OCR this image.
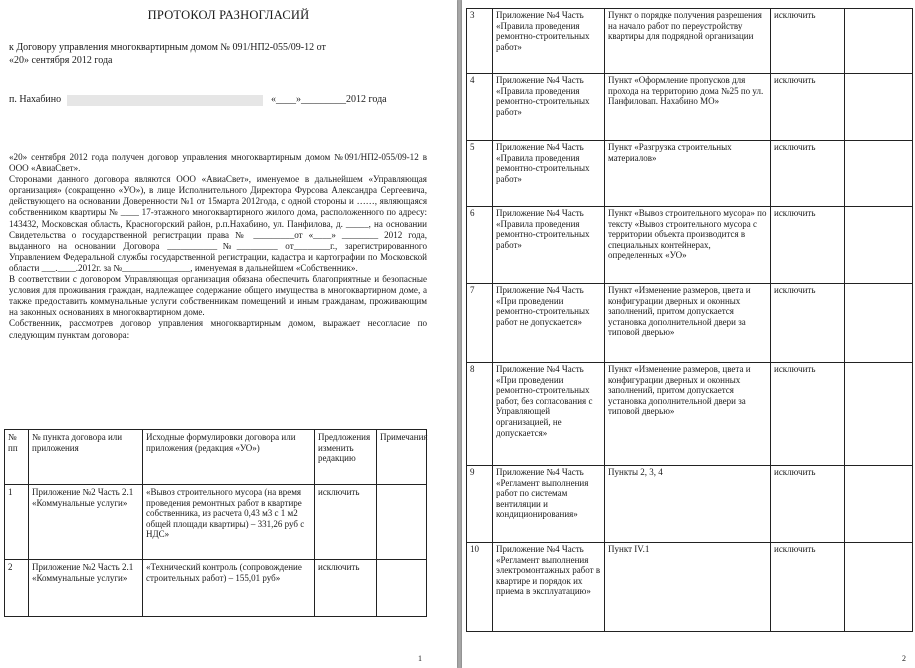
ПРОТОКОЛ РАЗНОГЛАСИЙ
к Договору управления многоквартирным домом № 091/НП2-055/09-12 от
«20» сентября 2012 года
п. Нахабино	«____»_________2012 года

«20» сентября 2012 года получен договор управления многоквартирным домом №091/НП2-055/09-12 в ООО «АвиаСвет».

Сторонами данного договора являются ООО «АвиаСвет», именуемое в дальнейшем «Управляющая организация» (сокращенно «УО»), в лице Исполнительного Директора Фурсова Александра Сергеевича, действующего на основании Доверенности №1 от 15марта 2012года, с одной стороны и ……, являющаяся собственником квартиры № ____ 17-этажного многоквартирного жилого дома, расположенного по адресу: 143432, Московская область, Красногорский район, р.п.Нахабино, ул. Панфилова, д. _____, на основании Свидетельства о государственной регистрации права № _________от «____» ________ 2012 года, выданного на основании Договора ___________№_________ от________г., зарегистрированного Управлением Федеральной службы государственной регистрации, кадастра и картографии по Московской области ___.____.2012г. за №_______________, именуемая в дальнейшем «Собственник».

В соответствии с договором Управляющая организация обязана обеспечить благоприятные и безопасные условия для проживания граждан, надлежащее содержание общего имущества в многоквартирном доме, а также предоставить коммунальные услуги собственникам помещений и иным гражданам, проживающим на законных основаниях в многоквартирном доме.

Собственник, рассмотрев договор управления многоквартирным домом, выражает несогласие по следующим пунктам договора:

№ пп	№ пункта договора или приложения	Исходные формулировки договора или приложения (редакция «УО»)	Предложения изменить редакцию	Примечания
1	Приложение №2 Часть 2.1 «Коммунальные услуги»	«Вывоз строительного мусора (на время проведения ремонтных работ в квартире собственника, из расчета 0,43 м3 с 1 м2 общей площади квартиры) – 331,26 руб с НДС»	исключить	
2	Приложение №2 Часть 2.1 «Коммунальные услуги»	«Технический контроль (сопровождение строительных работ) – 155,01 руб»	исключить	
1
3	Приложение №4 Часть «Правила проведения ремонтно-строительных работ»	Пункт о порядке получения разрешения на начало работ по переустройству квартиры для подрядной организации	исключить	
4	Приложение №4 Часть «Правила проведения ремонтно-строительных работ»	Пункт «Оформление пропусков для прохода на территорию дома №25 по ул. Панфиловап. Нахабино МО»	исключить	
5	Приложение №4 Часть «Правила проведения ремонтно-строительных работ»	Пункт «Разгрузка строительных материалов»	исключить	
6	Приложение №4 Часть «Правила проведения ремонтно-строительных работ»	Пункт «Вывоз строительного мусора» по тексту «Вывоз строительного мусора с территории объекта производится в специальных контейнерах, определенных «УО»	исключить	
7	Приложение №4 Часть «При проведении ремонтно-строительных работ не допускается»	Пункт «Изменение размеров, цвета и конфигурации дверных и оконных заполнений, притом допускается установка дополнительной двери за типовой дверью»	исключить	
8	Приложение №4 Часть «При проведении ремонтно-строительных работ, без согласования с Управляющей организацией, не допускается»	Пункт «Изменение размеров, цвета и конфигурации дверных и оконных заполнений, притом допускается установка дополнительной двери за типовой дверью»	исключить	
9	Приложение №4 Часть «Регламент выполнения работ по системам вентиляции и кондиционирования»	Пункты 2, 3, 4	исключить	
10	Приложение №4 Часть «Регламент выполнения электромонтажных работ в квартире и порядок их приема в эксплуатацию»	Пункт IV.1	исключить	
2
